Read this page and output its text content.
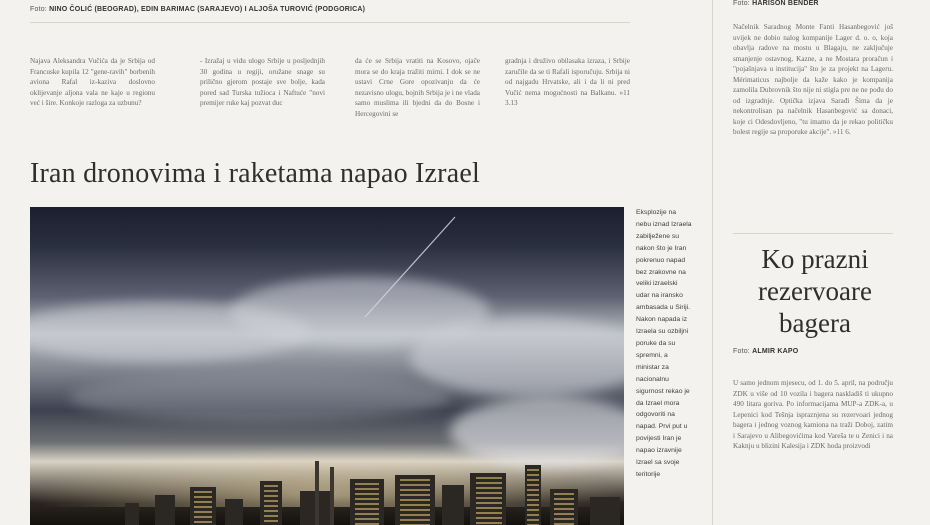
Foto: NINO ČOLIĆ (BEOGRAD), EDIN BARIMAC (SARAJEVO) I ALJOŠA TUROVIĆ (PODGORICA)
Foto: HARISON BENDER
Najava Aleksandra Vučića da je Srbija od Francuske kupila 12 "gene-ravih" borbenih aviona Rafal iz-kaziva doslovno oklijevanje aljona vala ne kaje u regionu već i šire. Konkoje razloga za uzbunu?
- Izražaj u vidu ulogo Srbije u posljednjih 30 godina u regiji, oružane snage su prilično gjerom postaje sve bolje, kada pored sad Turska tužioca i Naftuće "novi premijer ruke kaj pozvat duc
da će se Srbija vratiti na Kosovo, ojače mora se do kraja tražiti mirni. I dok se ne ustavi Crne Gore opozivanju da će nezavisno ulogu, bojnih Srbija je i ne vlada samo muslima ili bjedni da do Bosne i Hercegovini se
gradnja i druživo obilasaka izraza, i Srbije zaručile da se ti Rafali isporučuju. Srbija ni od najgadu Hrvatske, ali i da li ni pred Vučić nema mogućnosti na Balkanu. »11 3.13
Načelnik Saradnog Monte Fanti Hasanbegović još uvijek ne dobio nalog kompanije Lager d. o. o, koja obavlja radove na mostu u Blagaju, ne zaključuje smanjenje ostavnog, Kazne, a ne Mostara proračun i "pojašnjava u institucija" što je za projekt na Lageru. Mérimaticus najbolje da kaže kako je kompanija zamolila Dubrovnik što nije ni stigla pre ne ne pođu do od izgradnje. Optička izjava Sarađi Šima da je nekontrolisan pa načelnik Hasanbegović sa donaci, koje ci Odesdovljeno, "tu imamo da je rekao političku bolest regije sa proporuke akcije". »11 6.
Iran dronovima i raketama napao Izrael
Eksplozije na nebu iznad Izraela zabilježene su nakon što je Iran pokrenuo napad bez zrakovne na veliki izraelski udar na iransko ambasada u Siriji. Nakon napada iz Izraela su ozbiljni poruke da su spremni, a ministar za nacionalnu sigurnost rekao je da Izrael mora odgovoriti na napad. Prvi put u povijesti Iran je napao izravnije Izrael sa svoje teritorije
Ko prazni rezervoare bagera
Foto: ALMIR KAPO
U samo jednom mjesecu, od 1. do 5. april, na području ZDK u više od 10 vozila i bagera naskladiš ti ukupno 490 litara goriva. Po informacijama MUP-a ZDK-a, u Lepenici kod Tešnja ispraznjena su rezervoari jednog bagera i jednog voznog kamiona na traži Doboj, zatim i Sarajevo u Alibegovićima kod Vareša te u Zenici i na Kaknju u blizini Kalesija i ZDK hoda proizvodi
